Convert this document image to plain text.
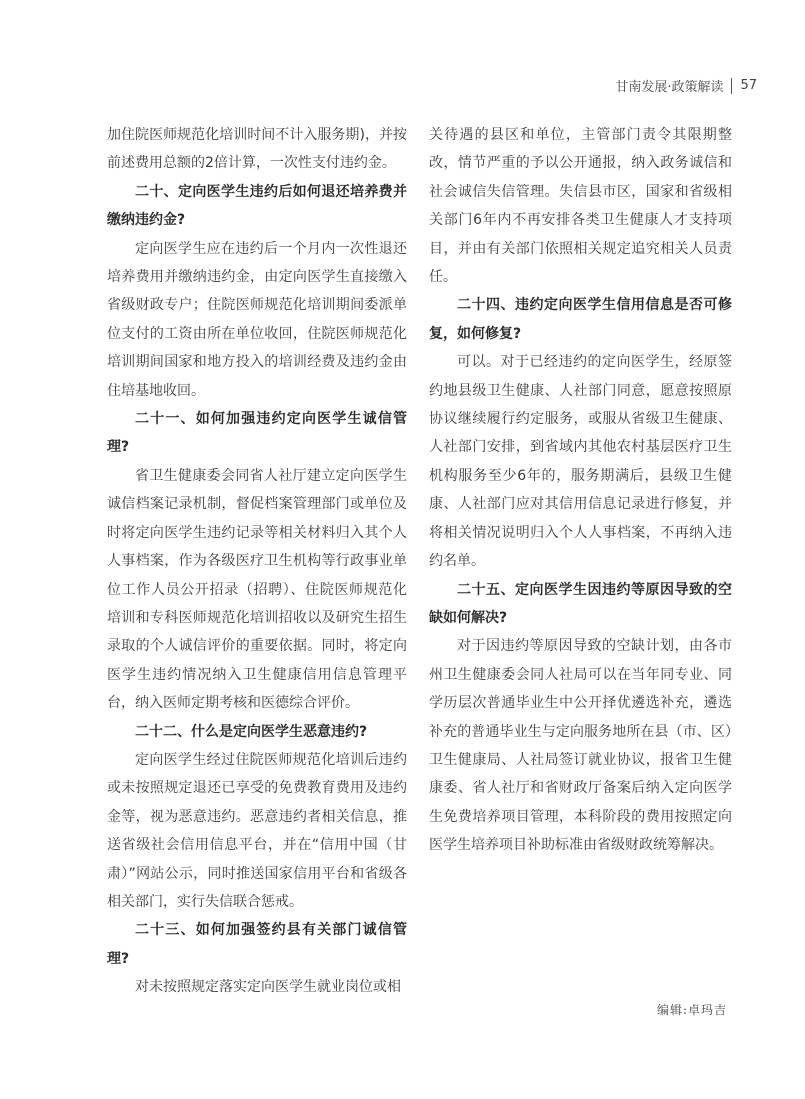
甘南发展·政策解读 57

加住院医师规范化培训时间不计入服务期)，并按前述费用总额的2倍计算，一次性支付违约金。

二十、定向医学生违约后如何退还培养费并缴纳违约金?

定向医学生应在违约后一个月内一次性退还培养费用并缴纳违约金，由定向医学生直接缴入省级财政专户；住院医师规范化培训期间委派单位支付的工资由所在单位收回，住院医师规范化培训期间国家和地方投入的培训经费及违约金由住培基地收回。

二十一、如何加强违约定向医学生诚信管理?

省卫生健康委会同省人社厅建立定向医学生诚信档案记录机制，督促档案管理部门或单位及时将定向医学生违约记录等相关材料归入其个人人事档案，作为各级医疗卫生机构等行政事业单位工作人员公开招录（招聘）、住院医师规范化培训和专科医师规范化培训招收以及研究生招生录取的个人诚信评价的重要依据。同时，将定向医学生违约情况纳入卫生健康信用信息管理平台，纳入医师定期考核和医德综合评价。

二十二、什么是定向医学生恶意违约?

定向医学生经过住院医师规范化培训后违约或未按照规定退还已享受的免费教育费用及违约金等，视为恶意违约。恶意违约者相关信息，推送省级社会信用信息平台，并在“信用中国（甘肃）”网站公示，同时推送国家信用平台和省级各相关部门，实行失信联合惩戒。

二十三、如何加强签约县有关部门诚信管理?

对未按照规定落实定向医学生就业岗位或相

关待遇的县区和单位，主管部门责令其限期整改，情节严重的予以公开通报，纳入政务诚信和社会诚信失信管理。失信县市区，国家和省级相关部门6年内不再安排各类卫生健康人才支持项目，并由有关部门依照相关规定追究相关人员责任。

二十四、违约定向医学生信用信息是否可修复，如何修复?

可以。对于已经违约的定向医学生，经原签约地县级卫生健康、人社部门同意，愿意按照原协议继续履行约定服务，或服从省级卫生健康、人社部门安排，到省域内其他农村基层医疗卫生机构服务至少6年的，服务期满后，县级卫生健康、人社部门应对其信用信息记录进行修复，并将相关情况说明归入个人人事档案，不再纳入违约名单。

二十五、定向医学生因违约等原因导致的空缺如何解决?

对于因违约等原因导致的空缺计划，由各市州卫生健康委会同人社局可以在当年同专业、同学历层次普通毕业生中公开择优遴选补充，遴选补充的普通毕业生与定向服务地所在县（市、区）卫生健康局、人社局签订就业协议，报省卫生健康委、省人社厅和省财政厅备案后纳入定向医学生免费培养项目管理，本科阶段的费用按照定向医学生培养项目补助标准由省级财政统筹解决。

编辑:卓玛吉
